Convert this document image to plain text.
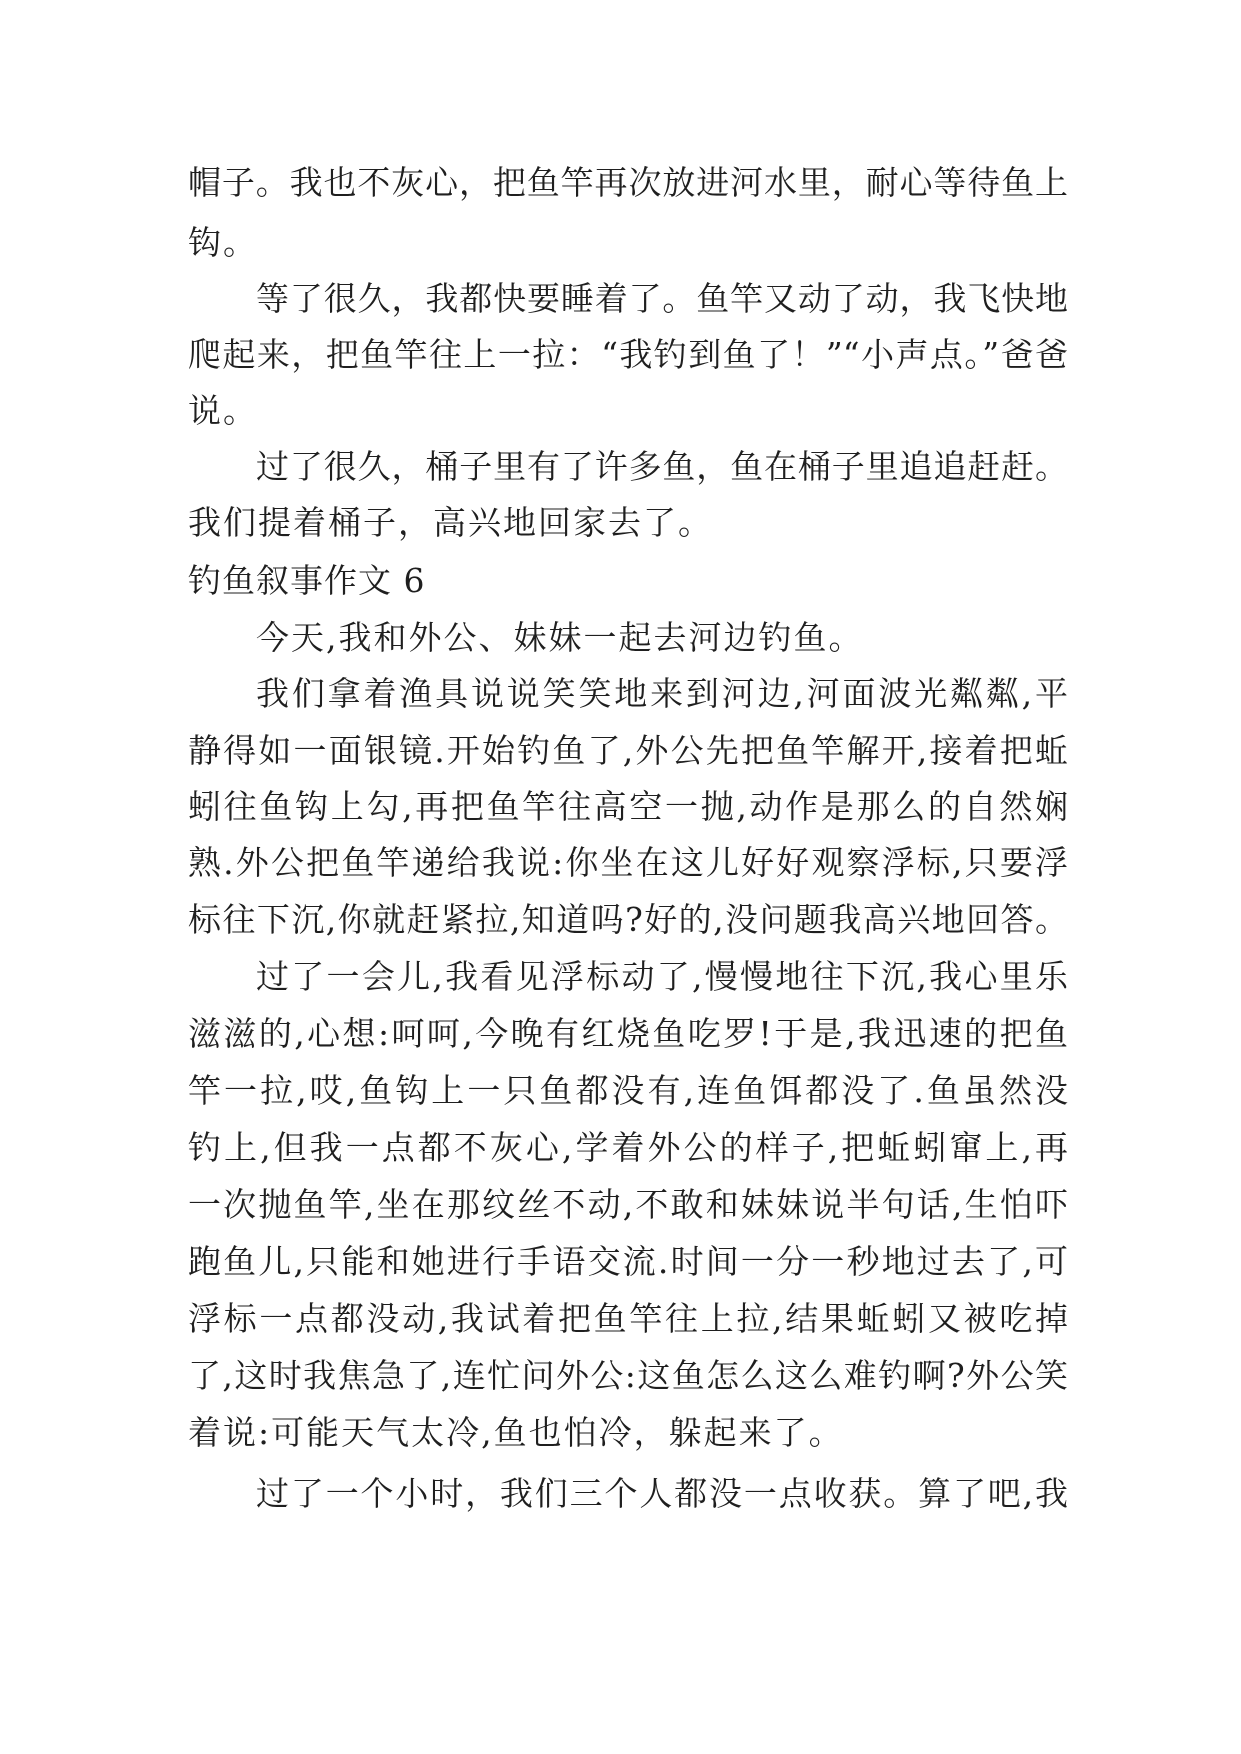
帽子。我也不灰心，把鱼竿再次放进河水里，耐心等待鱼上
钩。
等了很久，我都快要睡着了。鱼竿又动了动，我飞快地
爬起来，把鱼竿往上一拉：“我钓到鱼了！”“小声点。”爸爸
说。
过了很久，桶子里有了许多鱼，鱼在桶子里追追赶赶。
我们提着桶子，高兴地回家去了。
钓鱼叙事作文 6
今天,我和外公、妹妹一起去河边钓鱼。
我们拿着渔具说说笑笑地来到河边,河面波光粼粼,平
静得如一面银镜.开始钓鱼了,外公先把鱼竿解开,接着把蚯
蚓往鱼钩上勾,再把鱼竿往高空一抛,动作是那么的自然娴
熟.外公把鱼竿递给我说:你坐在这儿好好观察浮标,只要浮
标往下沉,你就赶紧拉,知道吗?好的,没问题我高兴地回答。
过了一会儿,我看见浮标动了,慢慢地往下沉,我心里乐
滋滋的,心想:呵呵,今晚有红烧鱼吃罗!于是,我迅速的把鱼
竿一拉,哎,鱼钩上一只鱼都没有,连鱼饵都没了.鱼虽然没
钓上,但我一点都不灰心,学着外公的样子,把蚯蚓窜上,再
一次抛鱼竿,坐在那纹丝不动,不敢和妹妹说半句话,生怕吓
跑鱼儿,只能和她进行手语交流.时间一分一秒地过去了,可
浮标一点都没动,我试着把鱼竿往上拉,结果蚯蚓又被吃掉
了,这时我焦急了,连忙问外公:这鱼怎么这么难钓啊?外公笑
着说:可能天气太冷,鱼也怕冷，躲起来了。
过了一个小时，我们三个人都没一点收获。算了吧,我
